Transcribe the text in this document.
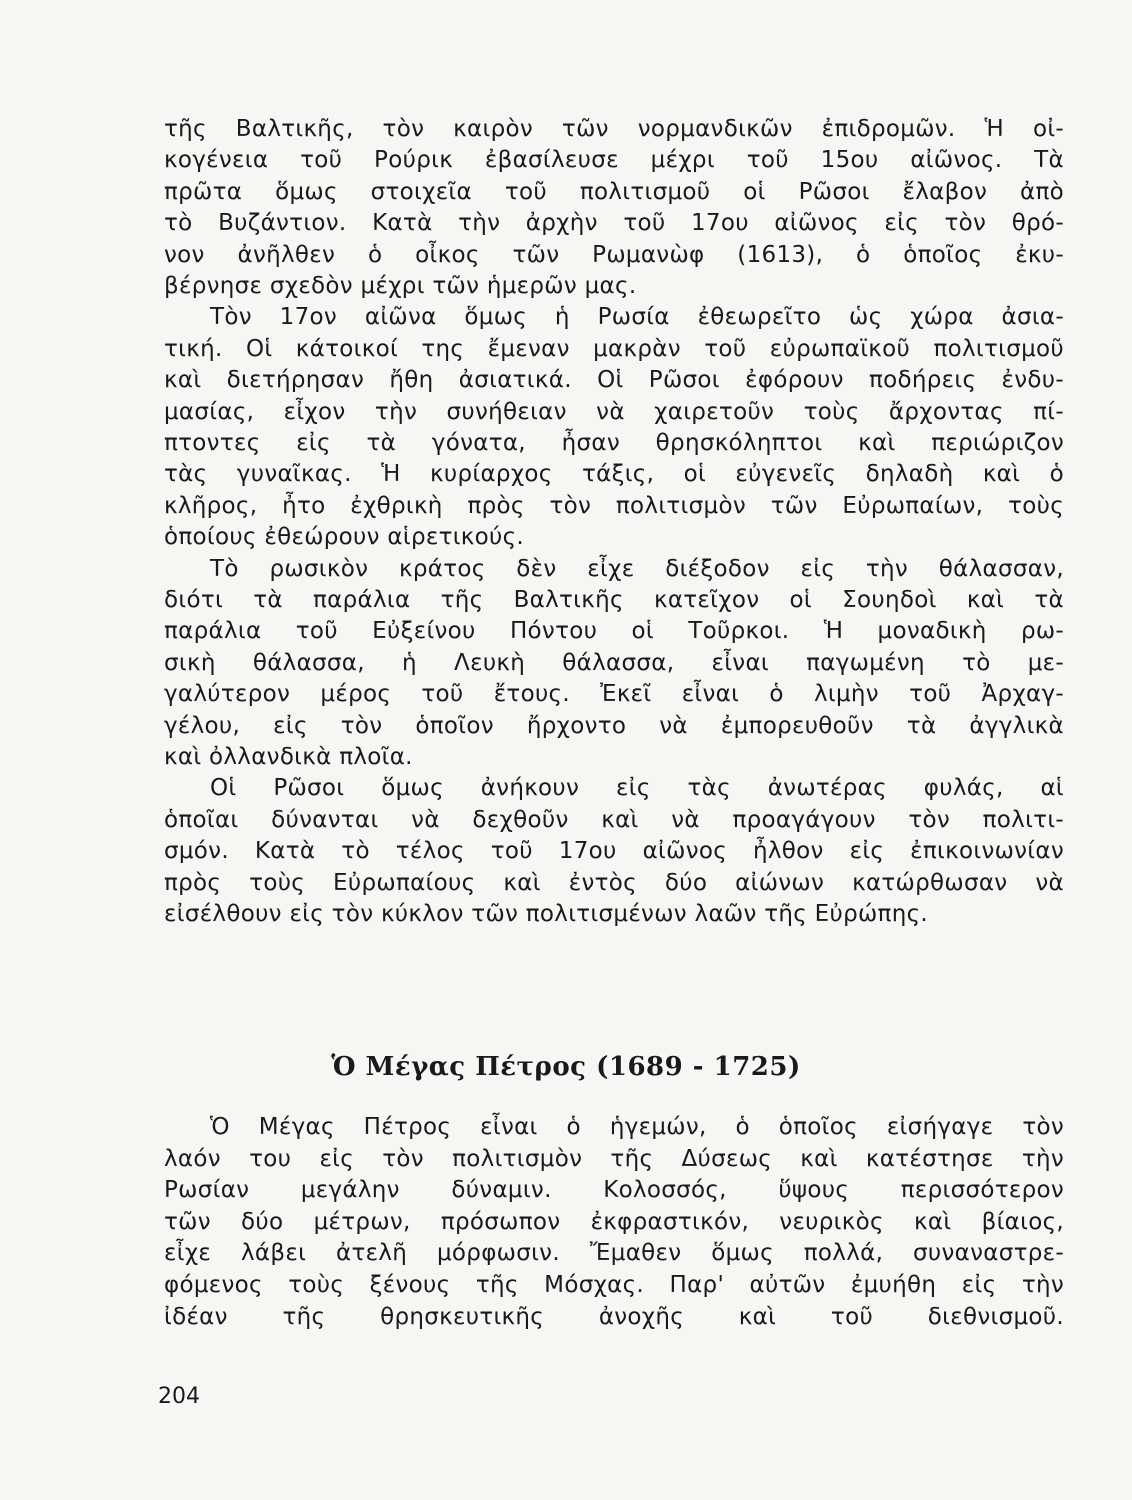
τῆς Βαλτικῆς, τὸν καιρὸν τῶν νορμανδικῶν ἐπιδρομῶν. Ἡ οἰ-
κογένεια τοῦ Ρούρικ ἐβασίλευσε μέχρι τοῦ 15ου αἰῶνος. Τὰ
πρῶτα ὅμως στοιχεῖα τοῦ πολιτισμοῦ οἱ Ρῶσοι ἔλαβον ἀπὸ
τὸ Βυζάντιον. Κατὰ τὴν ἀρχὴν τοῦ 17ου αἰῶνος εἰς τὸν θρό-
νον ἀνῆλθεν ὁ οἶκος τῶν Ρωμανὼφ (1613), ὁ ὁποῖος ἐκυ-
βέρνησε σχεδὸν μέχρι τῶν ἡμερῶν μας.
Τὸν 17ον αἰῶνα ὅμως ἡ Ρωσία ἐθεωρεῖτο ὡς χώρα ἀσια-
τική. Οἱ κάτοικοί της ἔμεναν μακρὰν τοῦ εὐρωπαϊκοῦ πολιτισμοῦ
καὶ διετήρησαν ἤθη ἀσιατικά. Οἱ Ρῶσοι ἐφόρουν ποδήρεις ἐνδυ-
μασίας, εἶχον τὴν συνήθειαν νὰ χαιρετοῦν τοὺς ἄρχοντας πί-
πτοντες εἰς τὰ γόνατα, ἦσαν θρησκόληπτοι καὶ περιώριζον
τὰς γυναῖκας. Ἡ κυρίαρχος τάξις, οἱ εὐγενεῖς δηλαδὴ καὶ ὁ
κλῆρος, ἦτο ἐχθρικὴ πρὸς τὸν πολιτισμὸν τῶν Εὐρωπαίων, τοὺς
ὁποίους ἐθεώρουν αἱρετικούς.
Τὸ ρωσικὸν κράτος δὲν εἶχε διέξοδον εἰς τὴν θάλασσαν,
διότι τὰ παράλια τῆς Βαλτικῆς κατεῖχον οἱ Σουηδοὶ καὶ τὰ
παράλια τοῦ Εὐξείνου Πόντου οἱ Τοῦρκοι. Ἡ μοναδικὴ ρω-
σικὴ θάλασσα, ἡ Λευκὴ θάλασσα, εἶναι παγωμένη τὸ με-
γαλύτερον μέρος τοῦ ἔτους. Ἐκεῖ εἶναι ὁ λιμὴν τοῦ Ἀρχαγ-
γέλου, εἰς τὸν ὁποῖον ἤρχοντο νὰ ἐμπορευθοῦν τὰ ἀγγλικὰ
καὶ ὀλλανδικὰ πλοῖα.
Οἱ Ρῶσοι ὅμως ἀνήκουν εἰς τὰς ἀνωτέρας φυλάς, αἱ
ὁποῖαι δύνανται νὰ δεχθοῦν καὶ νὰ προαγάγουν τὸν πολιτι-
σμόν. Κατὰ τὸ τέλος τοῦ 17ου αἰῶνος ἦλθον εἰς ἐπικοινωνίαν
πρὸς τοὺς Εὐρωπαίους καὶ ἐντὸς δύο αἰώνων κατώρθωσαν νὰ
εἰσέλθουν εἰς τὸν κύκλον τῶν πολιτισμένων λαῶν τῆς Εὐρώπης.
Ὁ Μέγας Πέτρος (1689 - 1725)
Ὁ Μέγας Πέτρος εἶναι ὁ ἡγεμών, ὁ ὁποῖος εἰσήγαγε τὸν
λαόν του εἰς τὸν πολιτισμὸν τῆς Δύσεως καὶ κατέστησε τὴν
Ρωσίαν μεγάλην δύναμιν. Κολοσσός, ὕψους περισσότερον
τῶν δύο μέτρων, πρόσωπον ἐκφραστικόν, νευρικὸς καὶ βίαιος,
εἶχε λάβει ἀτελῆ μόρφωσιν. Ἔμαθεν ὅμως πολλά, συναναστρε-
φόμενος τοὺς ξένους τῆς Μόσχας. Παρ' αὐτῶν ἐμυήθη εἰς τὴν
ἰδέαν τῆς θρησκευτικῆς ἀνοχῆς καὶ τοῦ διεθνισμοῦ.
204
